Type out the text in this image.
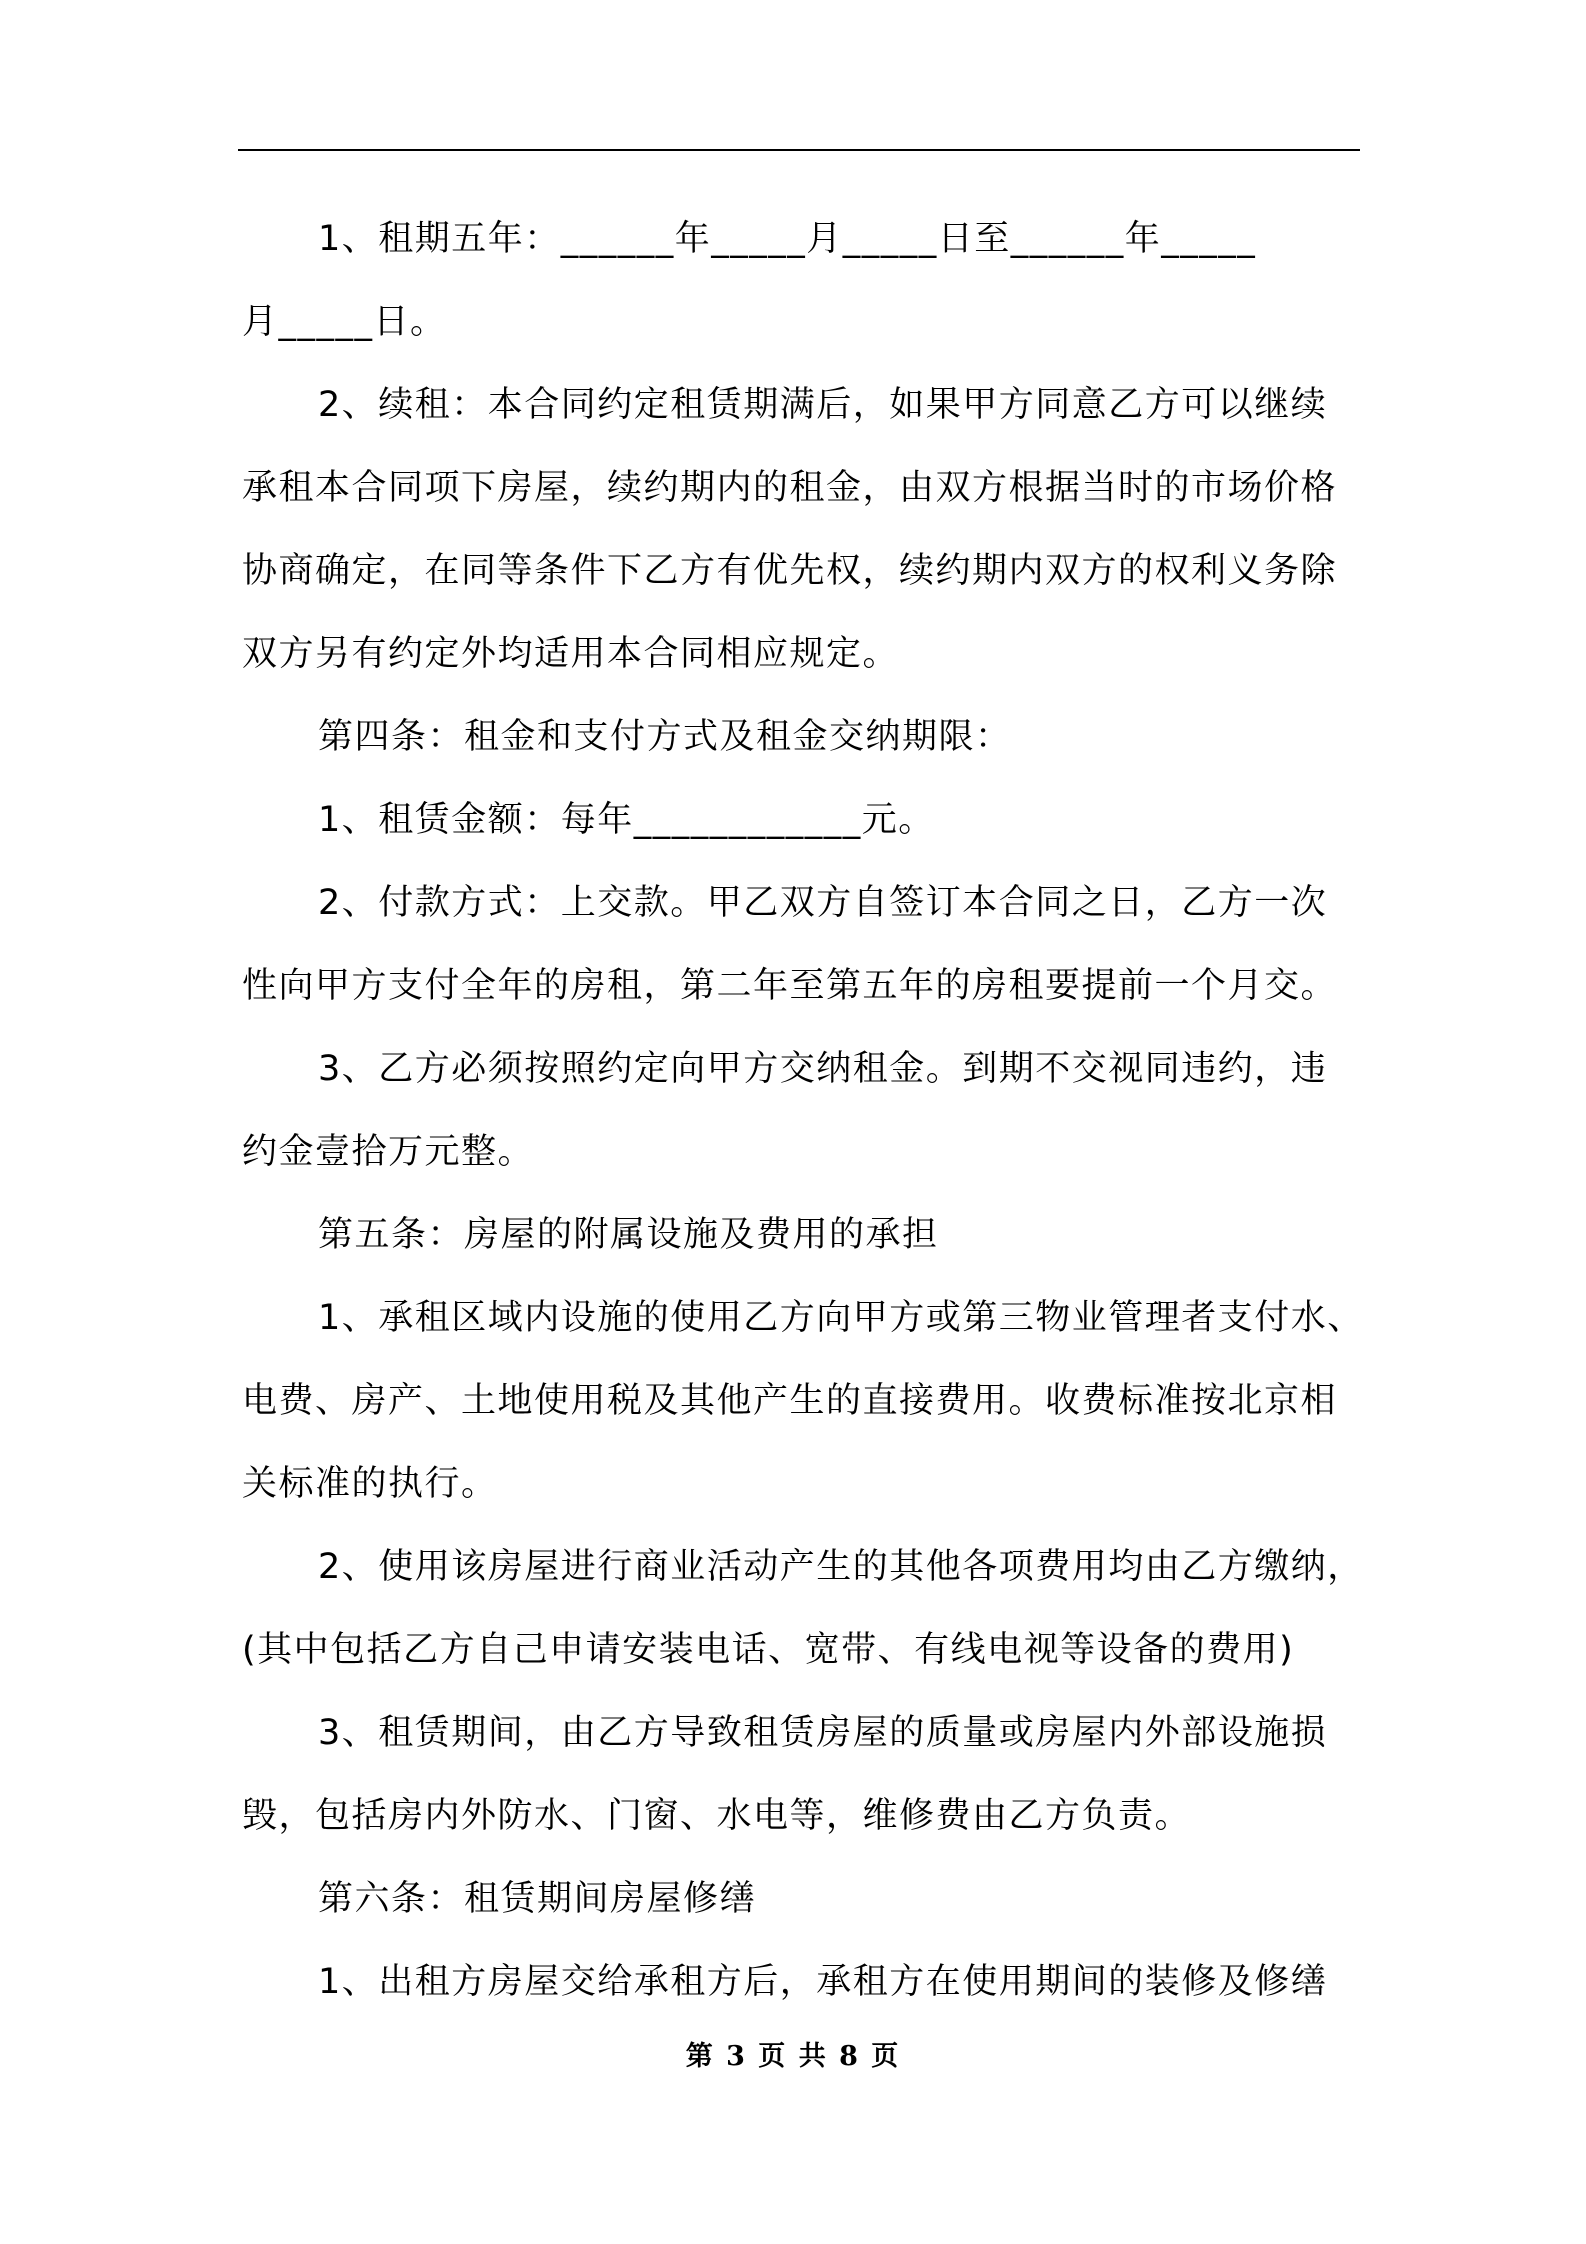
1、租期五年：______年_____月_____日至______年_____
月_____日。
2、续租：本合同约定租赁期满后，如果甲方同意乙方可以继续
承租本合同项下房屋，续约期内的租金，由双方根据当时的市场价格
协商确定，在同等条件下乙方有优先权，续约期内双方的权利义务除
双方另有约定外均适用本合同相应规定。
第四条：租金和支付方式及租金交纳期限：
1、租赁金额：每年____________元。
2、付款方式：上交款。甲乙双方自签订本合同之日，乙方一次
性向甲方支付全年的房租，第二年至第五年的房租要提前一个月交。
3、乙方必须按照约定向甲方交纳租金。到期不交视同违约，违
约金壹拾万元整。
第五条：房屋的附属设施及费用的承担
1、承租区域内设施的使用乙方向甲方或第三物业管理者支付水、
电费、房产、土地使用税及其他产生的直接费用。收费标准按北京相
关标准的执行。
2、使用该房屋进行商业活动产生的其他各项费用均由乙方缴纳，
(其中包括乙方自己申请安装电话、宽带、有线电视等设备的费用)
3、租赁期间，由乙方导致租赁房屋的质量或房屋内外部设施损
毁，包括房内外防水、门窗、水电等，维修费由乙方负责。
第六条：租赁期间房屋修缮
1、出租方房屋交给承租方后，承租方在使用期间的装修及修缮
第 3 页 共 8 页
